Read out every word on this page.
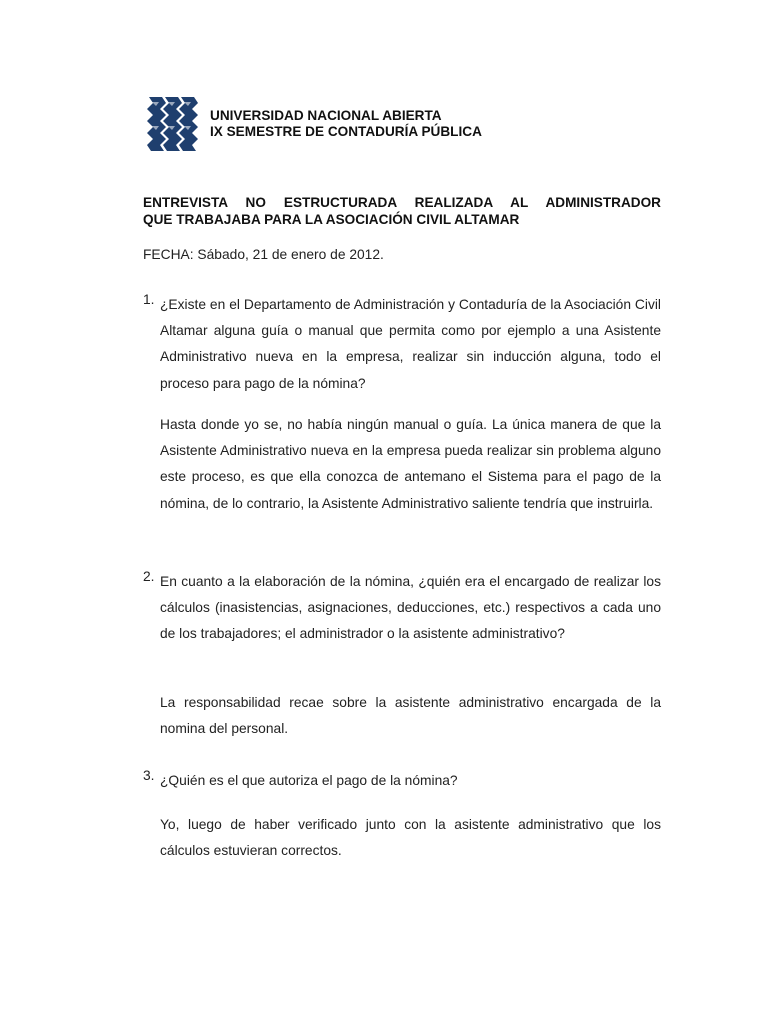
UNIVERSIDAD NACIONAL ABIERTA
IX SEMESTRE DE CONTADURÍA PÚBLICA
ENTREVISTA NO ESTRUCTURADA REALIZADA AL ADMINISTRADOR
QUE TRABAJABA PARA LA ASOCIACIÓN CIVIL ALTAMAR
FECHA: Sábado, 21 de enero de 2012.
1. ¿Existe en el Departamento de Administración y Contaduría de la Asociación Civil Altamar alguna guía o manual que permita como por ejemplo a una Asistente Administrativo nueva en la empresa, realizar sin inducción alguna, todo el proceso para pago de la nómina?
Hasta donde yo se, no había ningún manual o guía. La única manera de que la Asistente Administrativo nueva en la empresa pueda realizar sin problema alguno este proceso, es que ella conozca de antemano el Sistema para el pago de la nómina, de lo contrario, la Asistente Administrativo saliente tendría que instruirla.
2. En cuanto a la elaboración de la nómina, ¿quién era el encargado de realizar los cálculos (inasistencias, asignaciones, deducciones, etc.) respectivos a cada uno de los trabajadores; el administrador o la asistente administrativo?
La responsabilidad recae sobre la asistente administrativo encargada de la nomina del personal.
3. ¿Quién es el que autoriza el pago de la nómina?
Yo, luego de haber verificado junto con la asistente administrativo que los cálculos estuvieran correctos.
